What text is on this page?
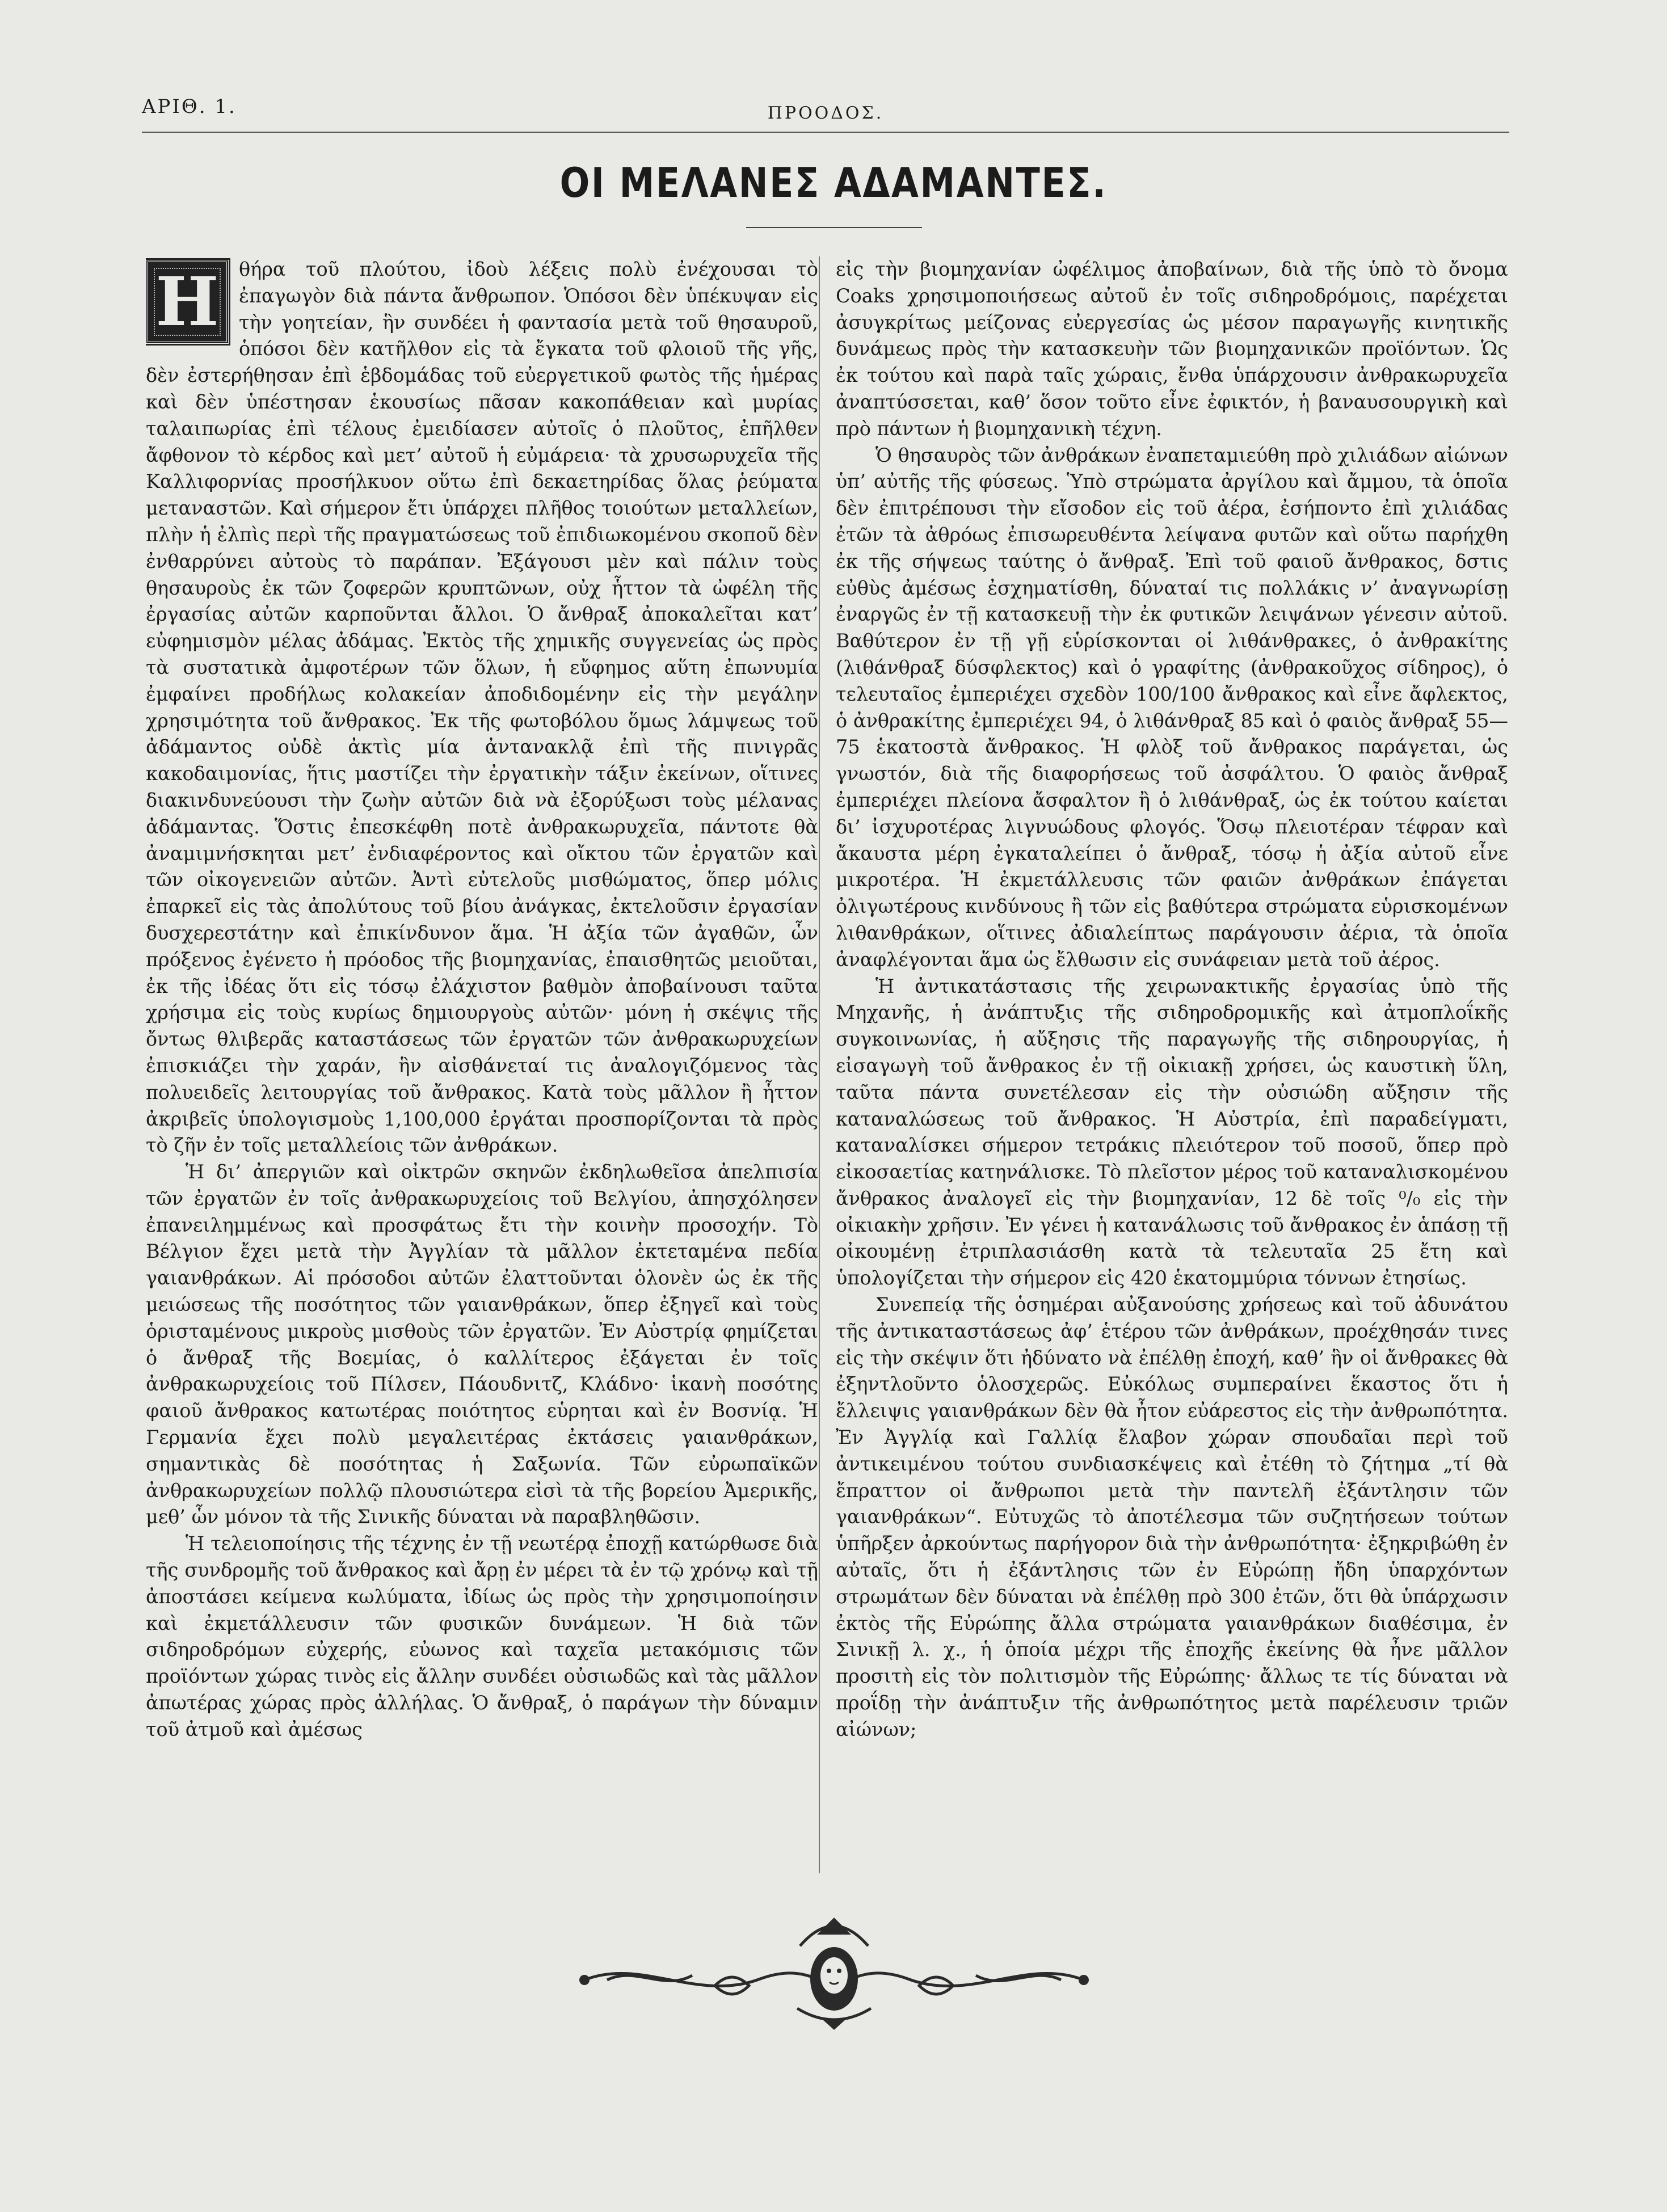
ΑΡΙΘ. 1.	ΠΡΟΟΔΟΣ.
ΟΙ ΜΕΛΑΝΕΣ ΑΔΑΜΑΝΤΕΣ.

Η	θήρα τοῦ πλούτου, ἰδοὺ λέξεις πολὺ ἐνέχουσαι τὸ ἐπαγωγὸν διὰ πάντα ἄνθρωπον. Ὁπόσοι δὲν ὑπέκυψαν εἰς τὴν γοητείαν, ἣν συνδέει ἡ φαντασία μετὰ τοῦ θησαυροῦ, ὁπόσοι δὲν κατῆλθον εἰς τὰ ἔγκατα τοῦ φλοιοῦ τῆς γῆς, δὲν ἐστερήθησαν ἐπὶ ἑβδομάδας τοῦ εὐεργετικοῦ φωτὸς τῆς ἡμέρας καὶ δὲν ὑπέστησαν ἑκουσίως πᾶσαν κακοπάθειαν καὶ μυρίας ταλαιπωρίας ἐπὶ τέλους ἐμειδίασεν αὐτοῖς ὁ πλοῦτος, ἐπῆλθεν ἄφθονον τὸ κέρδος καὶ μετ’ αὐτοῦ ἡ εὐμάρεια· τὰ χρυσωρυχεῖα τῆς Καλλιφορνίας προσήλκυον οὕτω ἐπὶ δεκαετηρίδας ὅλας ῥεύματα μεταναστῶν. Καὶ σήμερον ἔτι ὑπάρχει πλῆθος τοιούτων μεταλλείων, πλὴν ἡ ἐλπὶς περὶ τῆς πραγματώσεως τοῦ ἐπιδιωκομένου σκοποῦ δὲν ἐνθαρρύνει αὐτοὺς τὸ παράπαν. Ἐξάγουσι μὲν καὶ πάλιν τοὺς θησαυροὺς ἐκ τῶν ζοφερῶν κρυπτῶνων, οὐχ ἧττον τὰ ὠφέλη τῆς ἐργασίας αὐτῶν καρποῦνται ἄλλοι. Ὁ ἄνθραξ ἀποκαλεῖται κατ’ εὐφημισμὸν μέλας ἀδάμας. Ἐκτὸς τῆς χημικῆς συγγενείας ὡς πρὸς τὰ συστατικὰ ἀμφοτέρων τῶν ὅλων, ἡ εὔφημος αὕτη ἐπωνυμία ἐμφαίνει προδήλως κολακείαν ἀποδιδομένην εἰς τὴν μεγάλην χρησιμότητα τοῦ ἄνθρακος. Ἐκ τῆς φωτοβόλου ὅμως λάμψεως τοῦ ἀδάμαντος οὐδὲ ἀκτὶς μία ἀντανακλᾷ ἐπὶ τῆς πινιγρᾶς κακοδαιμονίας, ἥτις μαστίζει τὴν ἐργατικὴν τάξιν ἐκείνων, οἵτινες διακινδυνεύουσι τὴν ζωὴν αὐτῶν διὰ νὰ ἐξορύξωσι τοὺς μέλανας ἀδάμαντας. Ὅστις ἐπεσκέφθη ποτὲ ἀνθρακωρυχεῖα, πάντοτε θὰ ἀναμιμνήσκηται μετ’ ἐνδιαφέροντος καὶ οἴκτου τῶν ἐργατῶν καὶ τῶν οἰκογενειῶν αὐτῶν. Ἀντὶ εὐτελοῦς μισθώματος, ὅπερ μόλις ἐπαρκεῖ εἰς τὰς ἀπολύτους τοῦ βίου ἀνάγκας, ἐκτελοῦσιν ἐργασίαν δυσχερεστάτην καὶ ἐπικίνδυνον ἅμα. Ἡ ἀξία τῶν ἀγαθῶν, ὧν πρόξενος ἐγένετο ἡ πρόοδος τῆς βιομηχανίας, ἐπαισθητῶς μειοῦται, ἐκ τῆς ἰδέας ὅτι εἰς τόσῳ ἐλάχιστον βαθμὸν ἀποβαίνουσι ταῦτα χρήσιμα εἰς τοὺς κυρίως δημιουργοὺς αὐτῶν· μόνη ἡ σκέψις τῆς ὄντως θλιβερᾶς καταστάσεως τῶν ἐργατῶν τῶν ἀνθρακωρυχείων ἐπισκιάζει τὴν χαράν, ἣν αἰσθάνεταί τις ἀναλογιζόμενος τὰς πολυειδεῖς λειτουργίας τοῦ ἄνθρακος. Κατὰ τοὺς μᾶλλον ἢ ἧττον ἀκριβεῖς ὑπολογισμοὺς 1,100,000 ἐργάται προσπορίζονται τὰ πρὸς τὸ ζῆν ἐν τοῖς μεταλλείοις τῶν ἀνθράκων.

Ἡ δι’ ἀπεργιῶν καὶ οἰκτρῶν σκηνῶν ἐκδηλωθεῖσα ἀπελπισία τῶν ἐργατῶν ἐν τοῖς ἀνθρακωρυχείοις τοῦ Βελγίου, ἀπησχόλησεν ἐπανειλημμένως καὶ προσφάτως ἔτι τὴν κοινὴν προσοχήν. Τὸ Βέλγιον ἔχει μετὰ τὴν Ἀγγλίαν τὰ μᾶλλον ἐκτεταμένα πεδία γαιανθράκων. Αἱ πρόσοδοι αὐτῶν ἐλαττοῦνται ὁλονὲν ὡς ἐκ τῆς μειώσεως τῆς ποσότητος τῶν γαιανθράκων, ὅπερ ἐξηγεῖ καὶ τοὺς ὁρισταμένους μικροὺς μισθοὺς τῶν ἐργατῶν. Ἐν Αὐστρίᾳ φημίζεται ὁ ἄνθραξ τῆς Βοεμίας, ὁ καλλίτερος ἐξάγεται ἐν τοῖς ἀνθρακωρυχείοις τοῦ Πίλσεν, Πάουδνιτζ, Κλάδνο· ἱκανὴ ποσότης φαιοῦ ἄνθρακος κατωτέρας ποιότητος εὑρηται καὶ ἐν Βοσνίᾳ. Ἡ Γερμανία ἔχει πολὺ μεγαλειτέρας ἐκτάσεις γαιανθράκων, σημαντικὰς δὲ ποσότητας ἡ Σαξωνία. Τῶν εὐρωπαϊκῶν ἀνθρακωρυχείων πολλῷ πλουσιώτερα εἰσὶ τὰ τῆς βορείου Ἀμερικῆς, μεθ’ ὧν μόνον τὰ τῆς Σινικῆς δύναται νὰ παραβληθῶσιν.

Ἡ τελειοποίησις τῆς τέχνης ἐν τῇ νεωτέρᾳ ἐποχῇ κατώρθωσε διὰ τῆς συνδρομῆς τοῦ ἄνθρακος καὶ ἄρῃ ἐν μέρει τὰ ἐν τῷ χρόνῳ καὶ τῇ ἀποστάσει κείμενα κωλύματα, ἰδίως ὡς πρὸς τὴν χρησιμοποίησιν καὶ ἐκμετάλλευσιν τῶν φυσικῶν δυνάμεων. Ἡ διὰ τῶν σιδηροδρόμων εὐχερής, εὐωνος καὶ ταχεῖα μετακόμισις τῶν προϊόντων χώρας τινὸς εἰς ἄλλην συνδέει οὐσιωδῶς καὶ τὰς μᾶλλον ἀπωτέρας χώρας πρὸς ἀλλήλας. Ὁ ἄνθραξ, ὁ παράγων τὴν δύναμιν τοῦ ἀτμοῦ καὶ ἀμέσως

εἰς τὴν βιομηχανίαν ὠφέλιμος ἀποβαίνων, διὰ τῆς ὑπὸ τὸ ὄνομα Coaks χρησιμοποιήσεως αὐτοῦ ἐν τοῖς σιδηροδρόμοις, παρέχεται ἀσυγκρίτως μείζονας εὐεργεσίας ὡς μέσον παραγωγῆς κινητικῆς δυνάμεως πρὸς τὴν κατασκευὴν τῶν βιομηχανικῶν προϊόντων. Ὡς ἐκ τούτου καὶ παρὰ ταῖς χώραις, ἔνθα ὑπάρχουσιν ἀνθρακωρυχεῖα ἀναπτύσσεται, καθ’ ὅσον τοῦτο εἶνε ἐφικτόν, ἡ βαναυσουργικὴ καὶ πρὸ πάντων ἡ βιομηχανικὴ τέχνη.

Ὁ θησαυρὸς τῶν ἀνθράκων ἐναπεταμιεύθη πρὸ χιλιάδων αἰώνων ὑπ’ αὐτῆς τῆς φύσεως. Ὑπὸ στρώματα ἀργίλου καὶ ἄμμου, τὰ ὁποῖα δὲν ἐπιτρέπουσι τὴν εἴσοδον εἰς τοῦ ἀέρα, ἐσήποντο ἐπὶ χιλιάδας ἐτῶν τὰ ἀθρόως ἐπισωρευθέντα λείψανα φυτῶν καὶ οὕτω παρήχθη ἐκ τῆς σήψεως ταύτης ὁ ἄνθραξ. Ἐπὶ τοῦ φαιοῦ ἄνθρακος, δστις εὐθὺς ἀμέσως ἐσχηματίσθη, δύναταί τις πολλάκις ν’ ἀναγνωρίσῃ ἐναργῶς ἐν τῇ κατασκευῇ τὴν ἐκ φυτικῶν λειψάνων γένεσιν αὐτοῦ. Βαθύτερον ἐν τῇ γῇ εὑρίσκονται οἱ λιθάνθρακες, ὁ ἀνθρακίτης (λιθάνθραξ δύσφλεκτος) καὶ ὁ γραφίτης (ἀνθρακοῦχος σίδηρος), ὁ τελευταῖος ἐμπεριέχει σχεδὸν 100/100 ἄνθρακος καὶ εἶνε ἄφλεκτος, ὁ ἀνθρακίτης ἐμπεριέχει 94, ὁ λιθάνθραξ 85 καὶ ὁ φαιὸς ἄνθραξ 55—75 ἑκατοστὰ ἄνθρακος. Ἡ φλὸξ τοῦ ἄνθρακος παράγεται, ὡς γνωστόν, διὰ τῆς διαφορήσεως τοῦ ἀσφάλτου. Ὁ φαιὸς ἄνθραξ ἐμπεριέχει πλείονα ἄσφαλτον ἢ ὁ λιθάνθραξ, ὡς ἐκ τούτου καίεται δι’ ἰσχυροτέρας λιγνυώδους φλογός. Ὅσῳ πλειοτέραν τέφραν καὶ ἄκαυστα μέρη ἐγκαταλείπει ὁ ἄνθραξ, τόσῳ ἡ ἀξία αὐτοῦ εἶνε μικροτέρα. Ἡ ἐκμετάλλευσις τῶν φαιῶν ἀνθράκων ἐπάγεται ὀλιγωτέρους κινδύνους ἢ τῶν εἰς βαθύτερα στρώματα εὑρισκομένων λιθανθράκων, οἵτινες ἀδιαλείπτως παράγουσιν ἀέρια, τὰ ὁποῖα ἀναφλέγονται ἅμα ὡς ἔλθωσιν εἰς συνάφειαν μετὰ τοῦ ἀέρος.

Ἡ ἀντικατάστασις τῆς χειρωνακτικῆς ἐργασίας ὑπὸ τῆς Μηχανῆς, ἡ ἀνάπτυξις τῆς σιδηροδρομικῆς καὶ ἀτμοπλοΐκῆς συγκοινωνίας, ἡ αὔξησις τῆς παραγωγῆς τῆς σιδηρουργίας, ἡ εἰσαγωγὴ τοῦ ἄνθρακος ἐν τῇ οἰκιακῇ χρήσει, ὡς καυστικὴ ὕλη, ταῦτα πάντα συνετέλεσαν εἰς τὴν οὐσιώδη αὔξησιν τῆς καταναλώσεως τοῦ ἄνθρακος. Ἡ Αὐστρία, ἐπὶ παραδείγματι, καταναλίσκει σήμερον τετράκις πλειότερον τοῦ ποσοῦ, ὅπερ πρὸ εἰκοσαετίας κατηνάλισκε. Τὸ πλεῖστον μέρος τοῦ καταναλισκομένου ἄνθρακος ἀναλογεῖ εἰς τὴν βιομηχανίαν, 12 δὲ τοῖς ⁰/₀ εἰς τὴν οἰκιακὴν χρῆσιν. Ἐν γένει ἡ κατανάλωσις τοῦ ἄνθρακος ἐν ἁπάσῃ τῇ οἰκουμένῃ ἐτριπλασιάσθη κατὰ τὰ τελευταῖα 25 ἔτη καὶ ὑπολογίζεται τὴν σήμερον εἰς 420 ἑκατομμύρια τόννων ἐτησίως.

Συνεπείᾳ τῆς ὁσημέραι αὐξανούσης χρήσεως καὶ τοῦ ἀδυνάτου τῆς ἀντικαταστάσεως ἀφ’ ἑτέρου τῶν ἀνθράκων, προέχθησάν τινες εἰς τὴν σκέψιν ὅτι ἠδύνατο νὰ ἐπέλθῃ ἐποχή, καθ’ ἣν οἱ ἄνθρακες θὰ ἐξηντλοῦντο ὁλοσχερῶς. Εὐκόλως συμπεραίνει ἕκαστος ὅτι ἡ ἔλλειψις γαιανθράκων δὲν θὰ ἦτον εὐάρεστος εἰς τὴν ἀνθρωπότητα. Ἐν Ἀγγλίᾳ καὶ Γαλλίᾳ ἔλαβον χώραν σπουδαῖαι περὶ τοῦ ἀντικειμένου τούτου συνδιασκέψεις καὶ ἐτέθη τὸ ζήτημα „τί θὰ ἔπραττον οἱ ἄνθρωποι μετὰ τὴν παντελῆ ἐξάντλησιν τῶν γαιανθράκων“. Εὐτυχῶς τὸ ἀποτέλεσμα τῶν συζητήσεων τούτων ὑπῆρξεν ἀρκούντως παρήγορον διὰ τὴν ἀνθρωπότητα· ἐξηκριβώθη ἐν αὐταῖς, ὅτι ἡ ἐξάντλησις τῶν ἐν Εὐρώπῃ ἤδη ὑπαρχόντων στρωμάτων δὲν δύναται νὰ ἐπέλθῃ πρὸ 300 ἐτῶν, ὅτι θὰ ὑπάρχωσιν ἐκτὸς τῆς Εὐρώπης ἄλλα στρώματα γαιανθράκων διαθέσιμα, ἐν Σινικῇ λ. χ., ἡ ὁποία μέχρι τῆς ἐποχῆς ἐκείνης θὰ ἦνε μᾶλλον προσιτὴ εἰς τὸν πολιτισμὸν τῆς Εὐρώπης· ἄλλως τε τίς δύναται νὰ προΐδῃ τὴν ἀνάπτυξιν τῆς ἀνθρωπότητος μετὰ παρέλευσιν τριῶν αἰώνων;
